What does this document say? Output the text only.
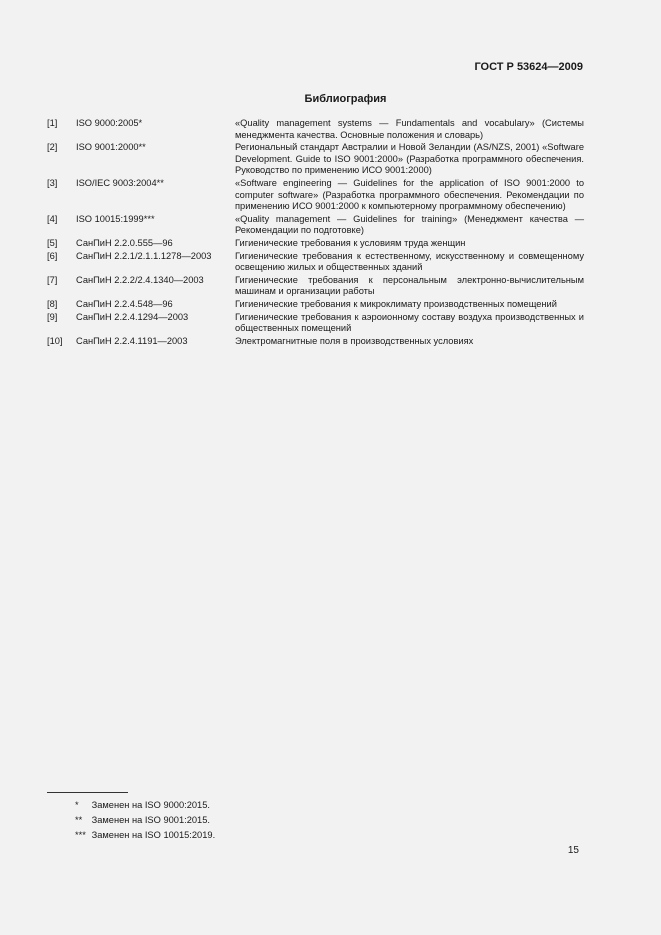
ГОСТ Р 53624—2009
Библиография
[1]	ISO 9000:2005*	«Quality management systems — Fundamentals and vocabulary» (Системы менеджмента качества. Основные положения и словарь)
[2]	ISO 9001:2000**	Региональный стандарт Австралии и Новой Зеландии (AS/NZS, 2001) «Software Development. Guide to ISO 9001:2000» (Разработка программного обеспечения. Руководство по применению ИСО 9001:2000)
[3]	ISO/IEC 9003:2004**	«Software engineering — Guidelines for the application of ISO 9001:2000 to computer software» (Разработка программного обеспечения. Рекомендации по применению ИСО 9001:2000 к компьютерному программному обеспечению)
[4]	ISO 10015:1999***	«Quality management — Guidelines for training» (Менеджмент качества — Рекомендации по подготовке)
[5]	СанПиН 2.2.0.555—96	Гигиенические требования к условиям труда женщин
[6]	СанПиН 2.2.1/2.1.1.1278—2003	Гигиенические требования к естественному, искусственному и совмещенному освещению жилых и общественных зданий
[7]	СанПиН 2.2.2/2.4.1340—2003	Гигиенические требования к персональным электронно-вычислительным машинам и организации работы
[8]	СанПиН 2.2.4.548—96	Гигиенические требования к микроклимату производственных помещений
[9]	СанПиН 2.2.4.1294—2003	Гигиенические требования к аэроионному составу воздуха производственных и общественных помещений
[10]	СанПиН 2.2.4.1191—2003	Электромагнитные поля в производственных условиях
* Заменен на ISO 9000:2015.
** Заменен на ISO 9001:2015.
*** Заменен на ISO 10015:2019.
15
